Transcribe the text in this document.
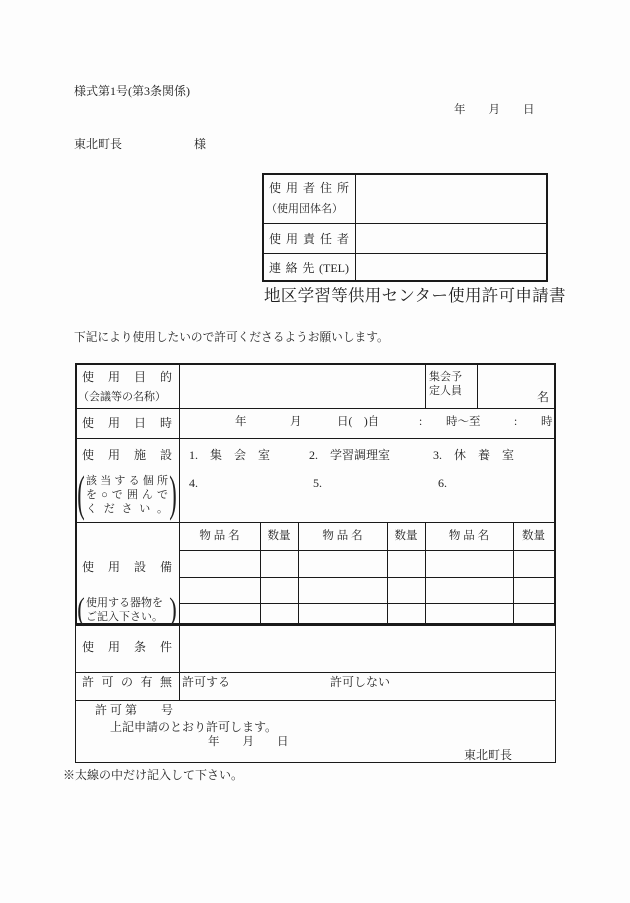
様式第1号(第3条関係)
年　　月　　日
東北町長	様
使 用 者 住 所
（使用団体名）
使 用 責 任 者
連絡先(TEL)
地区学習等供用センター使用許可申請書
下記により使用したいので許可くださるようお願いします。
使 用 目 的
（会議等の名称）
集会予
定人員	名
使 用 日 時	年	月	日(　)自	: 時～至	: 時
使 用 施 設
( 該当する個所
を○で囲んで
ください。 )
1.　集　会　室	2.　学習調理室	3.　休　養　室
4.	5.	6.
使 用 設 備
( 使用する器物を
ご記入下さい。 )
物 品 名	数量	物 品 名	数量	物 品 名	数量
使 用 条 件
許 可 の 有 無 許可する	許可しない
許 可 第　　号
上記申請のとおり許可します。
年　　月　　日
東北町長
※太線の中だけ記入して下さい。
